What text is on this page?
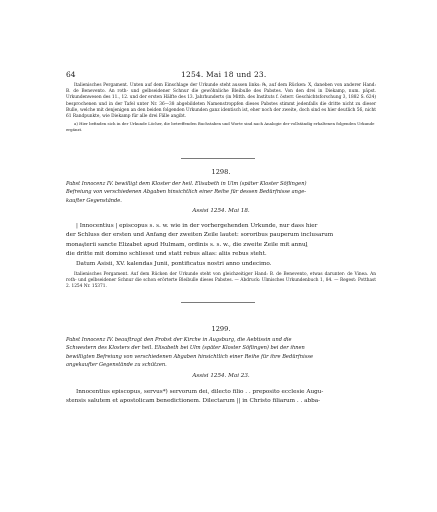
64	1254. Mai 18 und 23.

Italienisches Pergament. Unten auf dem Einschlage der Urkunde steht aussen links: ℞, auf dem Rücken: X, daneben von anderer Hand: B. de Benevento. An roth- und gelbseidener Schnur die gewöhnliche Bleibulle des Pabstes. Von den drei in Diekamp, num. päpst. Urkundenwesen des 11., 12. und der ersten Hälfte des 13. Jahrhunderts (in Mitth. des Instituts f. österr. Geschichtsforschung 3, 1882 S. 624) besprochenen und in der Tafel unter Nr. 36—38 abgebildeten Namenstroppfen dieses Pabstes stimmt jedenfalls die dritte nicht zu dieser Bulle, welche mit denjenigen an den beiden folgenden Urkunden ganz identisch ist, eher noch der zweite, doch sind es hier deutlich 56, nicht 61 Randpunkte, wie Diekamp für alle drei Fälle angibt.

a) Hier befinden sich in der Urkunde Löcher, die betreffenden Buchstaben und Worte sind nach Analogie der vollständig erhaltenen folgenden Urkunde ergänzt.

1298.
Pabst Innocenz IV. bewilligt dem Kloster der heil. Elisabeth in Ulm (später Kloster Söflingen)
Befreiung von verschiedenen Abgaben hinsichtlich einer Reihe für dessen Bedürfnisse ange-
kaufter Gegenstände.
Assisi 1254. Mai 18.
| Innocentius | episcopus s. s. w. wie in der vorhergehenden Urkunde, nur dass hier
der Schluss der ersten und Anfang der zweiten Zeile lautet: sororibus pauperum inclusarum
monaᶊterii sancte Elizabet apud Hulmam, ordinis s. s. w., die zweite Zeile mit annuᶅ
die dritte mit domino schliesst und statt rebus alias: aliis rebus steht.
Datum Asisii, XV. kalendas Junii, pontificatus nostri anno undecimo.

Italienisches Pergament. Auf dem Rücken der Urkunde steht von gleichzeitiger Hand: B. de Benevento, etwas darunter: de Vinea. An roth- und gelbseidener Schnur die schon erörterte Bleibulle dieses Pabstes. — Abdruck: Ulmisches Urkundenbuch 1, 84. — Regest: Potthast 2. 1254 Nr. 15371.

1299.
Pabst Innocenz IV. beauftragt den Probst der Kirche in Augsburg, die Aebtissin und die
Schwestern des Klosters der heil. Elisabeth bei Ulm (später Kloster Söflingen) bei der ihnen
bewilligten Befreiung von verschiedenen Abgaben hinsichtlich einer Reihe für ihre Bedürfnisse
angekaufter Gegenstände zu schützen.
Assisi 1254. Mai 23.
Innocentius episcopus, servus*) servorum dei, dilecto filio . . preposito ecclesie Augu-
stensis salutem et apostolicam benedictionem. Dilectarum || in Christo filiarum . . abba-
